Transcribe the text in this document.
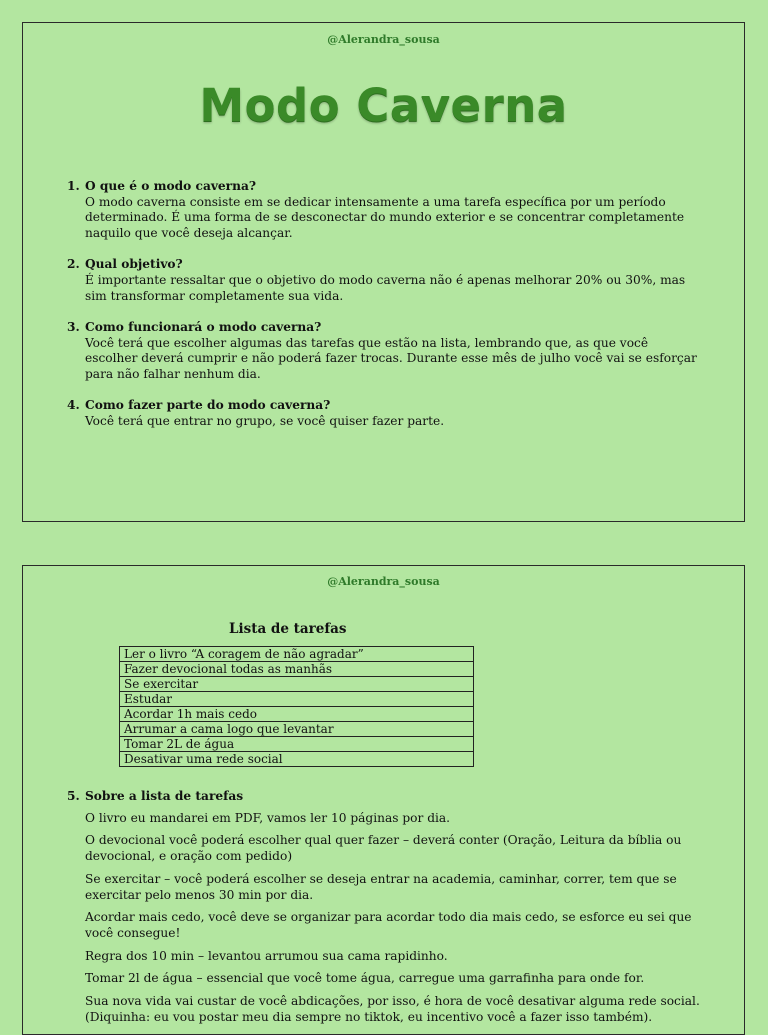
@Alerandra_sousa
Modo Caverna
1. O que é o modo caverna?
O modo caverna consiste em se dedicar intensamente a uma tarefa específica por um período determinado. É uma forma de se desconectar do mundo exterior e se concentrar completamente naquilo que você deseja alcançar.
2. Qual objetivo?
É importante ressaltar que o objetivo do modo caverna não é apenas melhorar 20% ou 30%, mas sim transformar completamente sua vida.
3. Como funcionará o modo caverna?
Você terá que escolher algumas das tarefas que estão na lista, lembrando que, as que você escolher deverá cumprir e não poderá fazer trocas. Durante esse mês de julho você vai se esforçar para não falhar nenhum dia.
4. Como fazer parte do modo caverna?
Você terá que entrar no grupo, se você quiser fazer parte.
@Alerandra_sousa
Lista de tarefas
Ler o livro “A coragem de não agradar”
Fazer devocional todas as manhãs
Se exercitar
Estudar
Acordar 1h mais cedo
Arrumar a cama logo que levantar
Tomar 2L de água
Desativar uma rede social
5. Sobre a lista de tarefas

O livro eu mandarei em PDF, vamos ler 10 páginas por dia.

O devocional você poderá escolher qual quer fazer – deverá conter (Oração, Leitura da bíblia ou devocional, e oração com pedido)

Se exercitar – você poderá escolher se deseja entrar na academia, caminhar, correr, tem que se exercitar pelo menos 30 min por dia.

Acordar mais cedo, você deve se organizar para acordar todo dia mais cedo, se esforce eu sei que você consegue!

Regra dos 10 min – levantou arrumou sua cama rapidinho.

Tomar 2l de água – essencial que você tome água, carregue uma garrafinha para onde for.

Sua nova vida vai custar de você abdicações, por isso, é hora de você desativar alguma rede social. (Diquinha: eu vou postar meu dia sempre no tiktok, eu incentivo você a fazer isso também).
